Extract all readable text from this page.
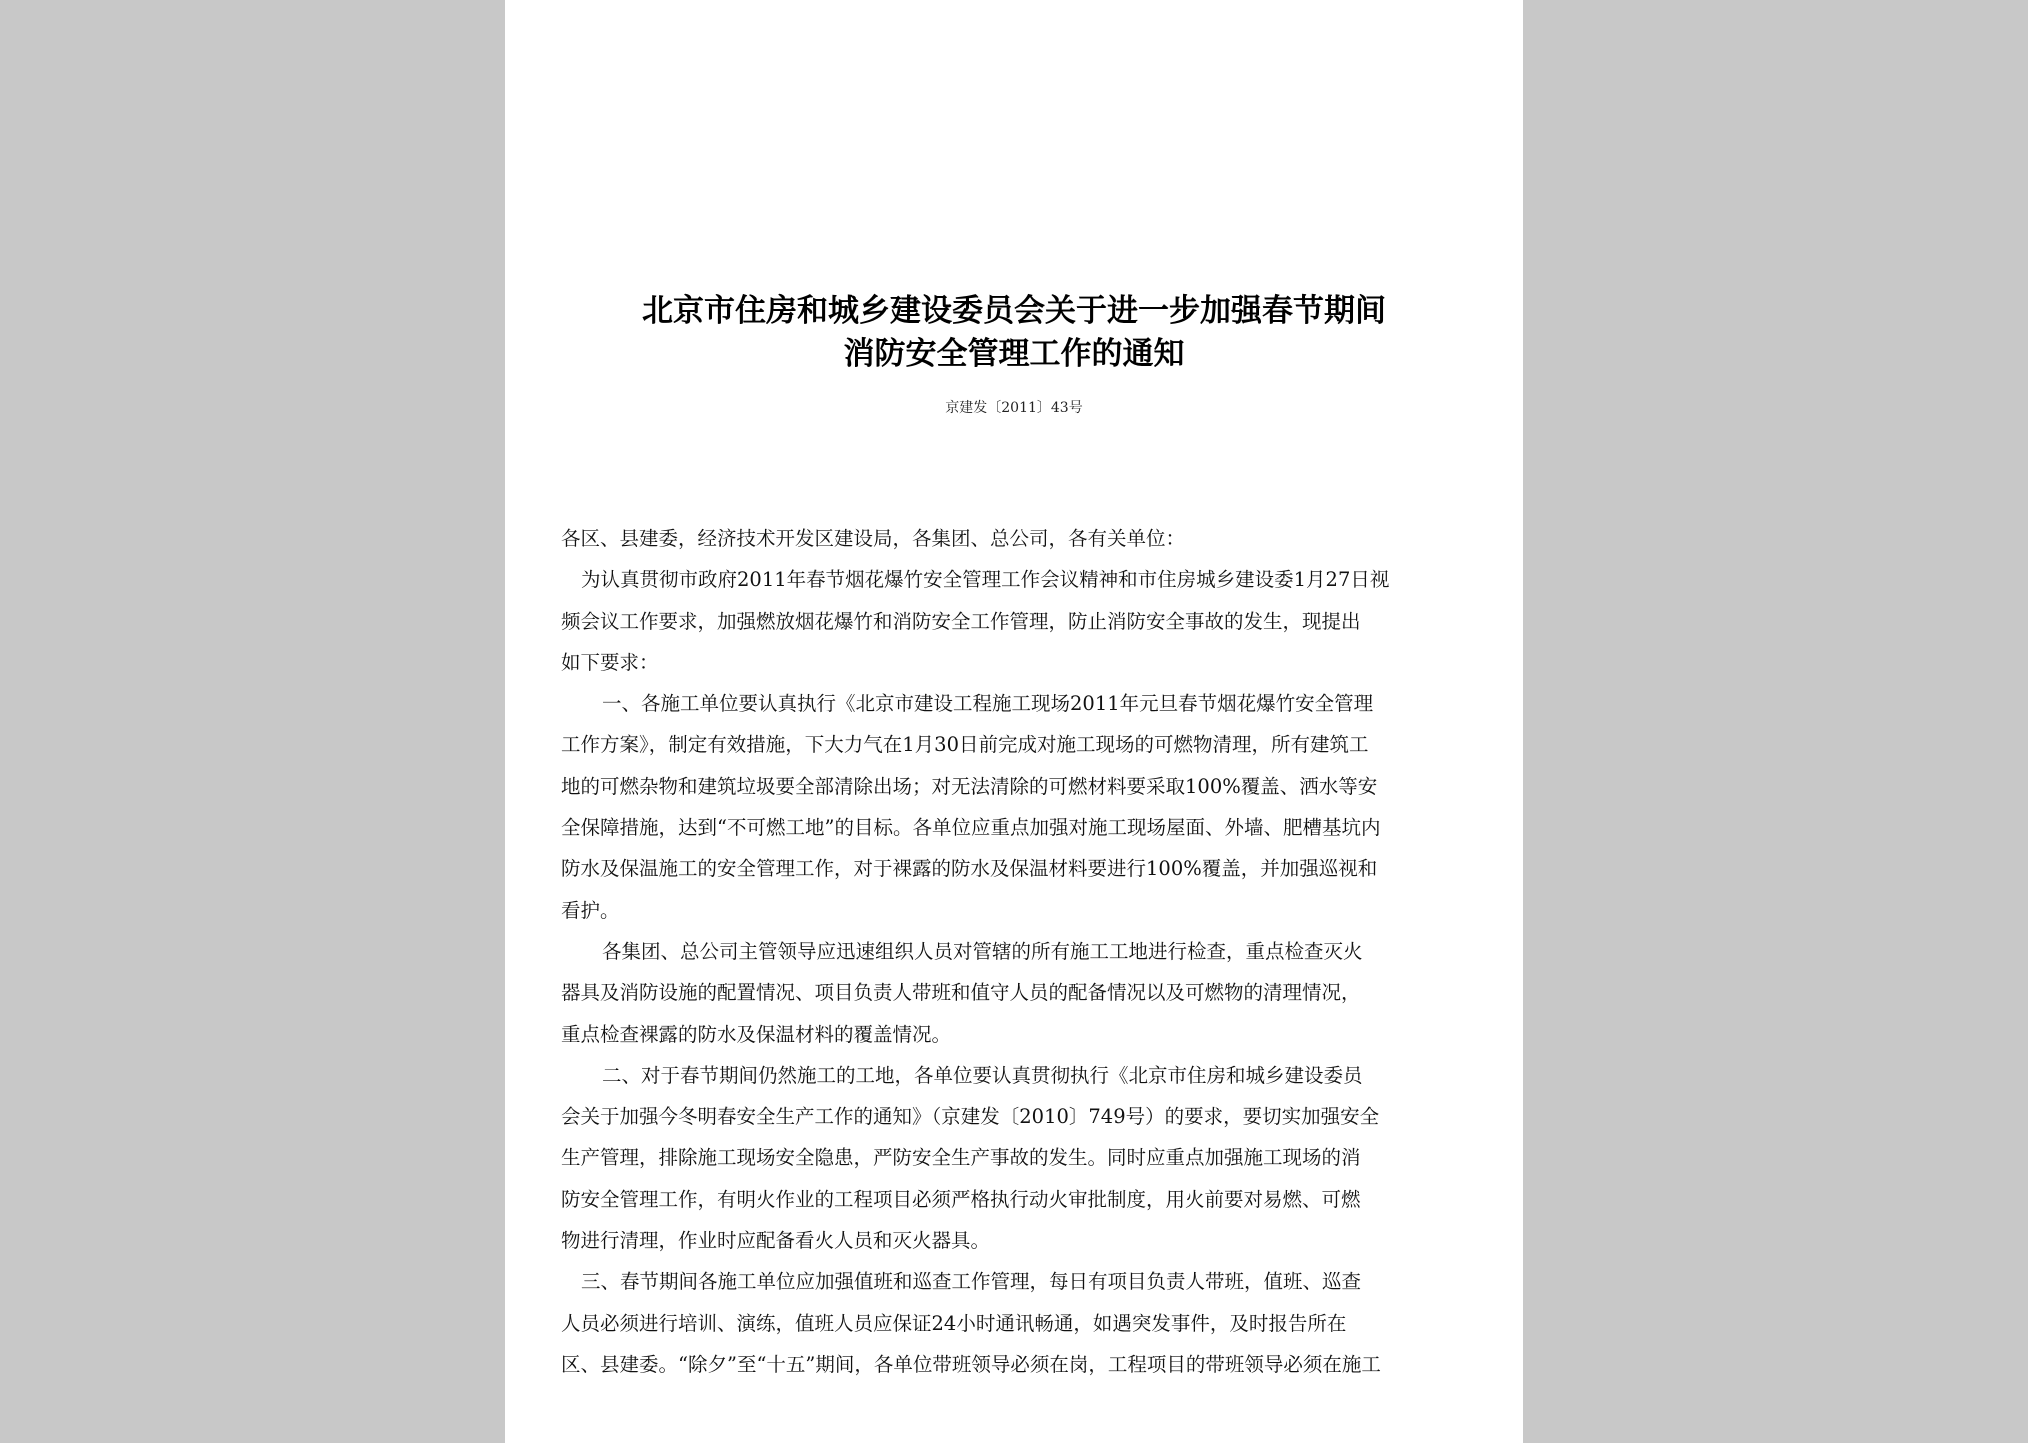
北京市住房和城乡建设委员会关于进一步加强春节期间
消防安全管理工作的通知
京建发〔2011〕43号
各区、县建委，经济技术开发区建设局，各集团、总公司，各有关单位：
为认真贯彻市政府2011年春节烟花爆竹安全管理工作会议精神和市住房城乡建设委1月27日视
频会议工作要求，加强燃放烟花爆竹和消防安全工作管理，防止消防安全事故的发生，现提出
如下要求：
一、各施工单位要认真执行《北京市建设工程施工现场2011年元旦春节烟花爆竹安全管理
工作方案》，制定有效措施，下大力气在1月30日前完成对施工现场的可燃物清理，所有建筑工
地的可燃杂物和建筑垃圾要全部清除出场；对无法清除的可燃材料要采取100%覆盖、洒水等安
全保障措施，达到“不可燃工地”的目标。各单位应重点加强对施工现场屋面、外墙、肥槽基坑内
防水及保温施工的安全管理工作，对于裸露的防水及保温材料要进行100%覆盖，并加强巡视和
看护。
各集团、总公司主管领导应迅速组织人员对管辖的所有施工工地进行检查，重点检查灭火
器具及消防设施的配置情况、项目负责人带班和值守人员的配备情况以及可燃物的清理情况，
重点检查裸露的防水及保温材料的覆盖情况。
二、对于春节期间仍然施工的工地，各单位要认真贯彻执行《北京市住房和城乡建设委员
会关于加强今冬明春安全生产工作的通知》（京建发〔2010〕749号）的要求，要切实加强安全
生产管理，排除施工现场安全隐患，严防安全生产事故的发生。同时应重点加强施工现场的消
防安全管理工作，有明火作业的工程项目必须严格执行动火审批制度，用火前要对易燃、可燃
物进行清理，作业时应配备看火人员和灭火器具。
三、春节期间各施工单位应加强值班和巡查工作管理，每日有项目负责人带班，值班、巡查
人员必须进行培训、演练，值班人员应保证24小时通讯畅通，如遇突发事件，及时报告所在
区、县建委。“除夕”至“十五”期间，各单位带班领导必须在岗，工程项目的带班领导必须在施工
